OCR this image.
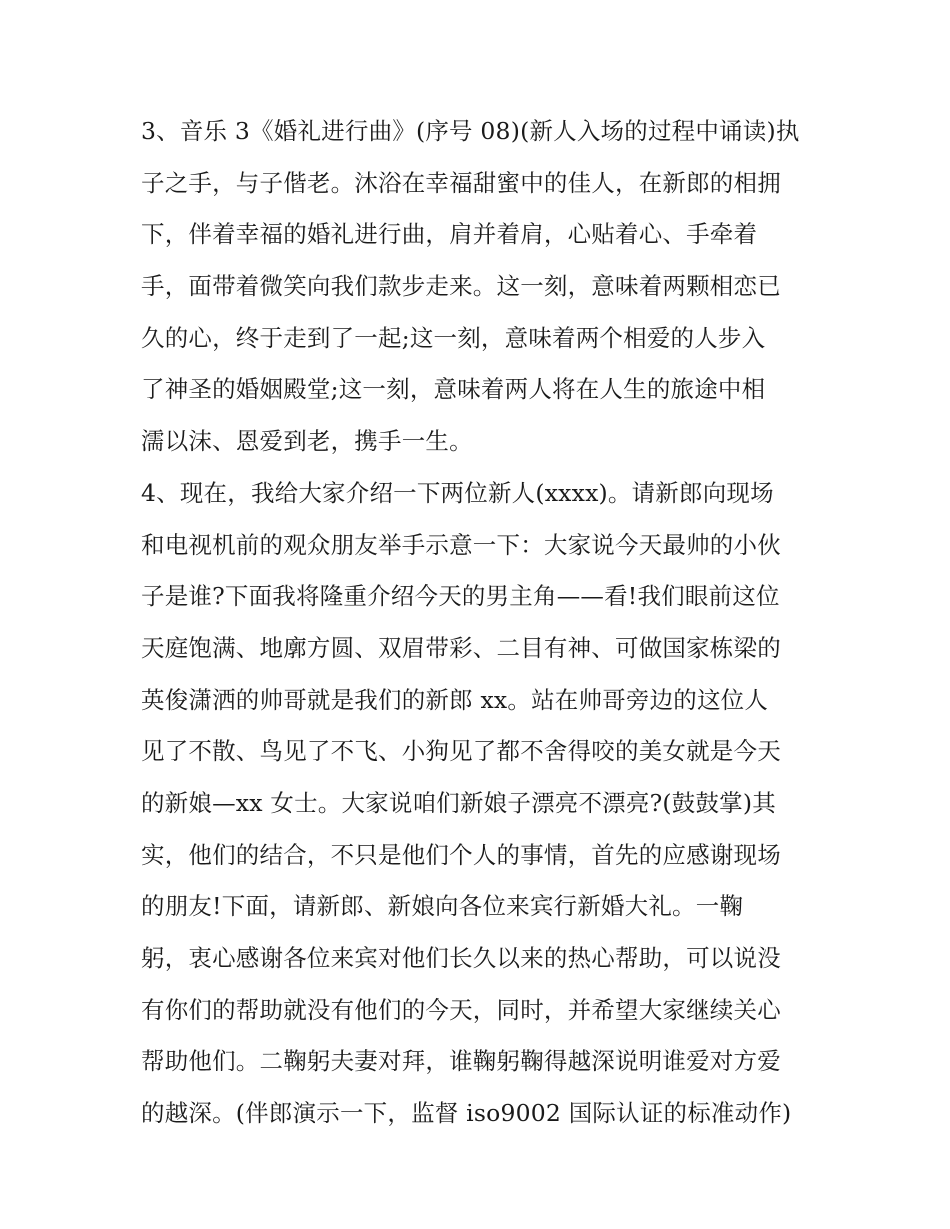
3、音乐 3《婚礼进行曲》(序号 08)(新人入场的过程中诵读)执
子之手，与子偕老。沐浴在幸福甜蜜中的佳人，在新郎的相拥
下，伴着幸福的婚礼进行曲，肩并着肩，心贴着心、手牵着
手，面带着微笑向我们款步走来。这一刻，意味着两颗相恋已
久的心，终于走到了一起;这一刻，意味着两个相爱的人步入
了神圣的婚姻殿堂;这一刻，意味着两人将在人生的旅途中相
濡以沫、恩爱到老，携手一生。
4、现在，我给大家介绍一下两位新人(xxxx)。请新郎向现场
和电视机前的观众朋友举手示意一下：大家说今天最帅的小伙
子是谁?下面我将隆重介绍今天的男主角——看!我们眼前这位
天庭饱满、地廓方圆、双眉带彩、二目有神、可做国家栋梁的
英俊潇洒的帅哥就是我们的新郎 xx。站在帅哥旁边的这位人
见了不散、鸟见了不飞、小狗见了都不舍得咬的美女就是今天
的新娘—xx 女士。大家说咱们新娘子漂亮不漂亮?(鼓鼓掌)其
实，他们的结合，不只是他们个人的事情，首先的应感谢现场
的朋友!下面，请新郎、新娘向各位来宾行新婚大礼。一鞠
躬，衷心感谢各位来宾对他们长久以来的热心帮助，可以说没
有你们的帮助就没有他们的今天，同时，并希望大家继续关心
帮助他们。二鞠躬夫妻对拜，谁鞠躬鞠得越深说明谁爱对方爱
的越深。(伴郎演示一下，监督 iso9002 国际认证的标准动作)
